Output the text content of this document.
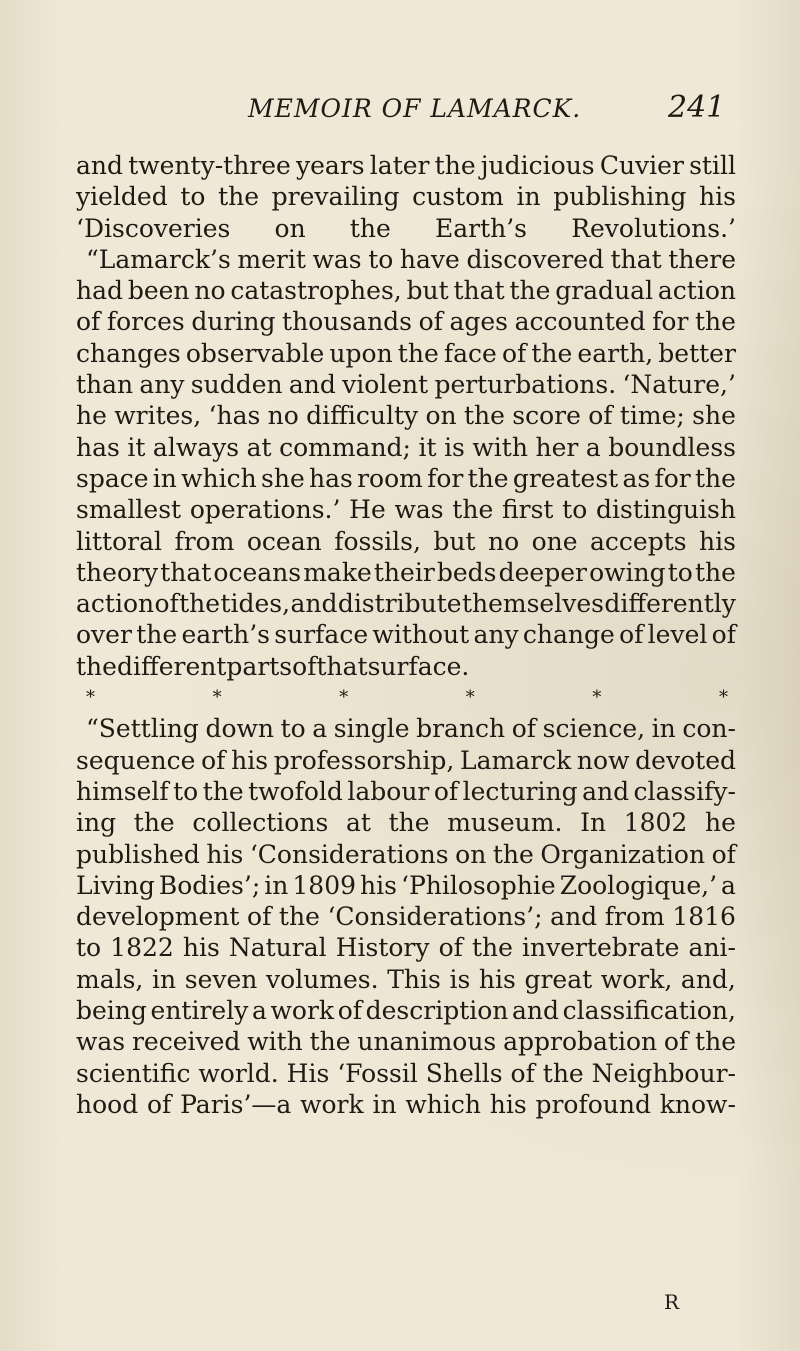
MEMOIR OF LAMARCK.	241
and twenty-three years later the judicious Cuvier still
yielded to the prevailing custom in publishing his
‘Discoveries on the Earth’s Revolutions.’
“Lamarck’s merit was to have discovered that there
had been no catastrophes, but that the gradual action
of forces during thousands of ages accounted for the
changes observable upon the face of the earth, better
than any sudden and violent perturbations. ‘Nature,’
he writes, ‘has no difficulty on the score of time; she
has it always at command; it is with her a boundless
space in which she has room for the greatest as for the
smallest operations.’ He was the first to distinguish
littoral from ocean fossils, but no one accepts his
theory that oceans make their beds deeper owing to the
action of the tides, and distribute themselves differently
over the earth’s surface without any change of level of
the different parts of that surface.
*	*	*	*	*	*
“Settling down to a single branch of science, in con-
sequence of his professorship, Lamarck now devoted
himself to the twofold labour of lecturing and classify-
ing the collections at the museum. In 1802 he
published his ‘Considerations on the Organization of
Living Bodies’; in 1809 his ‘Philosophie Zoologique,’ a
development of the ‘Considerations’; and from 1816
to 1822 his Natural History of the invertebrate ani-
mals, in seven volumes. This is his great work, and,
being entirely a work of description and classification,
was received with the unanimous approbation of the
scientific world. His ‘Fossil Shells of the Neighbour-
hood of Paris’—a work in which his profound know-
R
